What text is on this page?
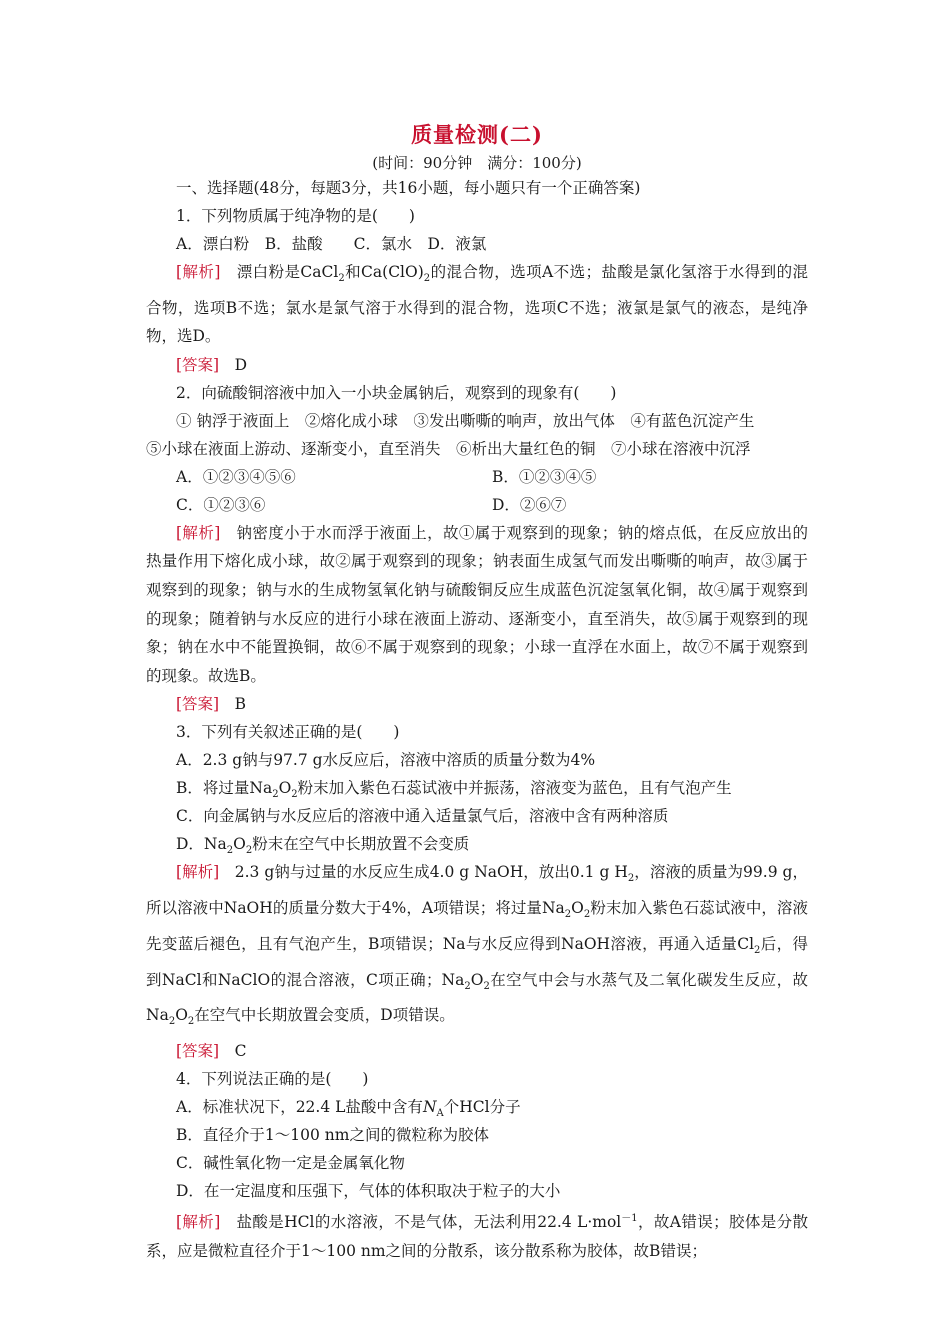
质量检测(二)
(时间：90分钟　满分：100分)
一、选择题(48分，每题3分，共16小题，每小题只有一个正确答案)
1．下列物质属于纯净物的是(　　)
A．漂白粉　B．盐酸　　C．氯水　D．液氯

[解析]　漂白粉是CaCl$_2$和$Ca(ClO)_2$的混合物，选项A不选；盐酸是氯化氢溶于水得到的混合物，选项B不选；氯水是氯气溶于水得到的混合物，选项C不选；液氯是氯气的液态，是纯净物，选D。

[答案]　D
2．向硫酸铜溶液中加入一小块金属钠后，观察到的现象有(　　)
① 钠浮于液面上　②熔化成小球　③发出嘶嘶的响声，放出气体　④有蓝色沉淀产生
⑤小球在液面上游动、逐渐变小，直至消失　⑥析出大量红色的铜　⑦小球在溶液中沉浮
A．①②③④⑤⑥	B．①②③④⑤
C．①②③⑥	D．②⑥⑦

[解析]　钠密度小于水而浮于液面上，故①属于观察到的现象；钠的熔点低，在反应放出的热量作用下熔化成小球，故②属于观察到的现象；钠表面生成氢气而发出嘶嘶的响声，故③属于观察到的现象；钠与水的生成物氢氧化钠与硫酸铜反应生成蓝色沉淀氢氧化铜，故④属于观察到的现象；随着钠与水反应的进行小球在液面上游动、逐渐变小，直至消失，故⑤属于观察到的现象；钠在水中不能置换铜，故⑥不属于观察到的现象；小球一直浮在水面上，故⑦不属于观察到的现象。故选B。

[答案]　B
3．下列有关叙述正确的是(　　)
A．2.3 g钠与97.7 g水反应后，溶液中溶质的质量分数为4%
B．将过量$Na_2O_2$粉末加入紫色石蕊试液中并振荡，溶液变为蓝色，且有气泡产生
C．向金属钠与水反应后的溶液中通入适量氯气后，溶液中含有两种溶质
D．$Na_2O_2$粉末在空气中长期放置不会变质

[解析]　2.3 g钠与过量的水反应生成4.0 g NaOH，放出0.1 g $H_2$，溶液的质量为99.9 g，所以溶液中NaOH的质量分数大于4%，A项错误；将过量$Na_2O_2$粉末加入紫色石蕊试液中，溶液先变蓝后褪色，且有气泡产生，B项错误；Na与水反应得到NaOH溶液，再通入适量$Cl_2$后，得到NaCl和NaClO的混合溶液，C项正确；$Na_2O_2$在空气中会与水蒸气及二氧化碳发生反应，故$Na_2O_2$在空气中长期放置会变质，D项错误。

[答案]　C
4．下列说法正确的是(　　)
A．标准状况下，22.4 L盐酸中含有$N_A$个HCl分子
B．直径介于1～100 nm之间的微粒称为胶体
C．碱性氧化物一定是金属氧化物
D．在一定温度和压强下，气体的体积取决于粒子的大小

[解析]　盐酸是HCl的水溶液，不是气体，无法利用22.4 L·mol$^{-1}$，故A错误；胶体是分散系，应是微粒直径介于1～100 nm之间的分散系，该分散系称为胶体，故B错误；
